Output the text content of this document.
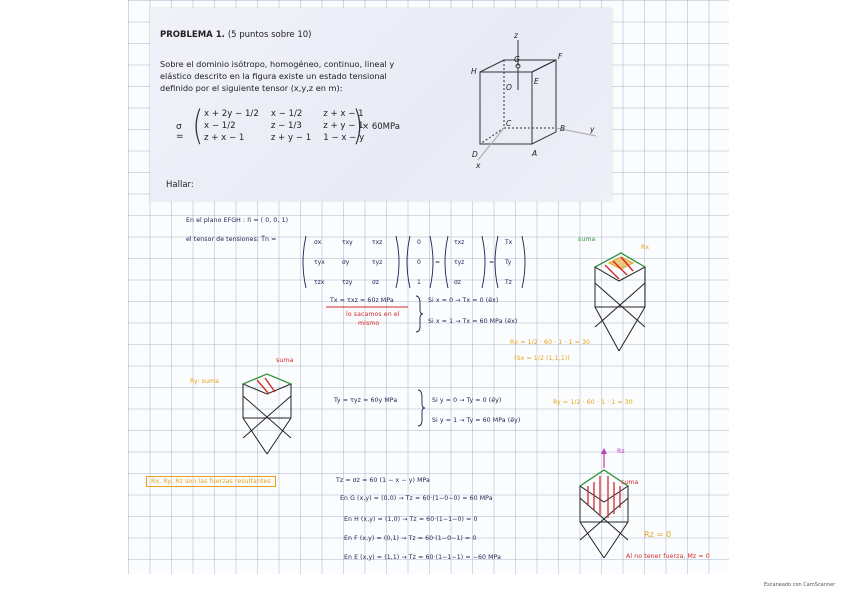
PROBLEMA 1. (5 puntos sobre 10)
Sobre el dominio isótropo, homogéneo, continuo, lineal y elástico descrito en la figura existe un estado tensional definido por el siguiente tensor (x,y,z en m):
σ = ( x + 2y − 1/2	x − 1/2	z + x − 1
x − 1/2	z − 1/3	z + y − 1
z + x − 1	z + y − 1	1 − x − y
)
× 60MPa
Hallar:
z
G	F
H
E
O
C
B
D	A
y
x
En el plano EFGH : n⃗ = ( 0, 0, 1)
el tensor de tensiones: T⃗n =	σx	τxy	τxz
τyx	σy	τyz
τzx	τzy	σz
0
0
1
=
τxz
τyz
σz
=
Tx
Ty
Tz
Tx = τxz = 60z MPa
lo sacamos en el
mismo
Si x = 0 → Tx = 0 (e⃗x)
Si x = 1 → Tx = 60 MPa (e⃗x)
Rx = 1/2 · 60 · 1 · 1 = 30
(Sx = 1/2 (1,1,1))
suma
Rx
suma
Ry: suma
Ty = τyz = 60y MPa	Si y = 0 → Ty = 0 (e⃗y)
Si y = 1 → Ty = 60 MPa (e⃗y)
Ry = 1/2 · 60 · 1 · 1 = 30
Rx, Ry, Rz son las fuerzas resultantes	Tz = σz = 60 (1 − x − y) MPa
En G (x,y) = (0,0) → Tz = 60·(1−0−0) = 60 MPa
En H (x,y) = (1,0) → Tz = 60·(1−1−0) = 0
En F (x,y) = (0,1) → Tz = 60·(1−0−1) = 0
En E (x,y) = (1,1) → Tz = 60·(1−1−1) = −60 MPa
Rz
suma
Rz = 0
Al no tener fuerza, Mz = 0
Escaneado con CamScanner
